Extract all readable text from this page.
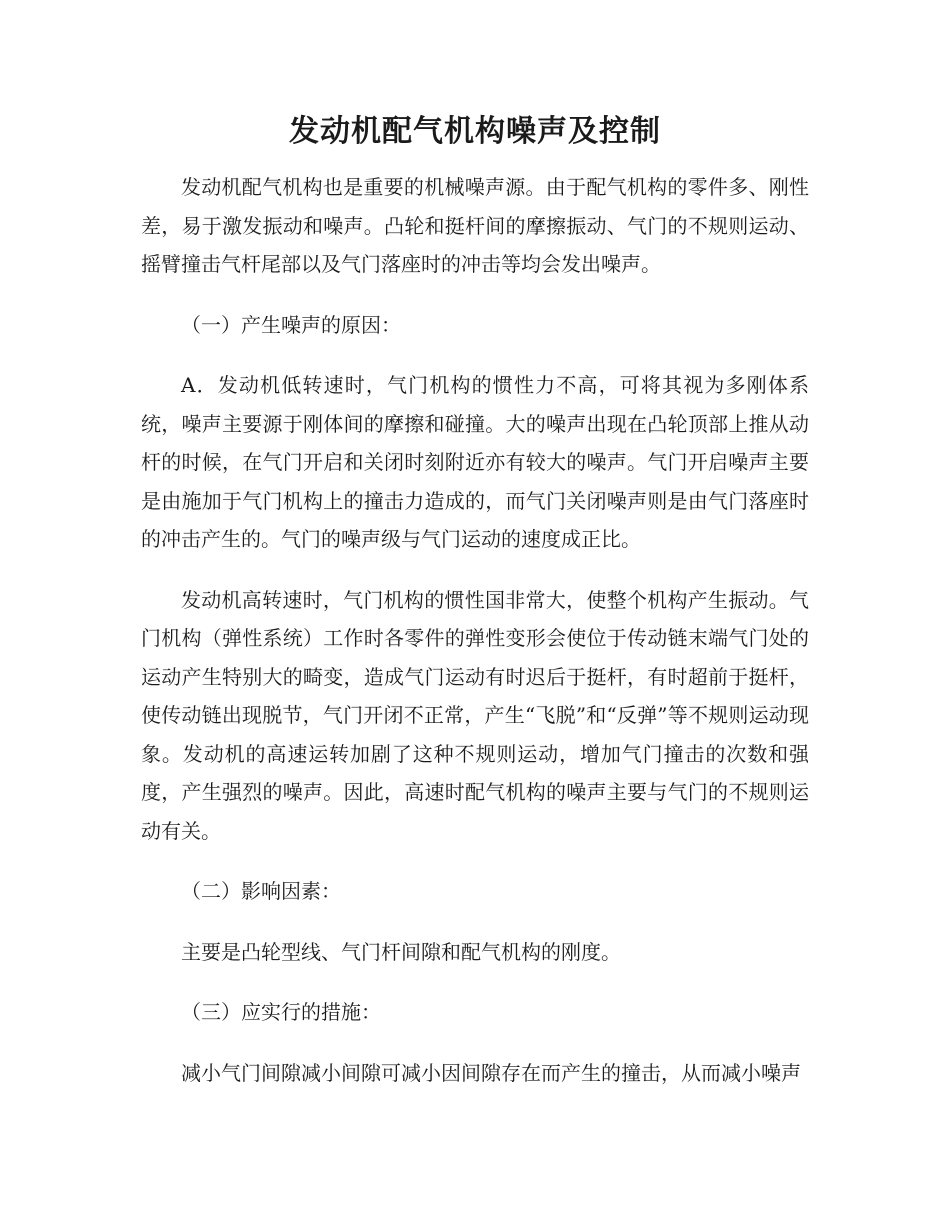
发动机配气机构噪声及控制

发动机配气机构也是重要的机械噪声源。由于配气机构的零件多、刚性差，易于激发振动和噪声。凸轮和挺杆间的摩擦振动、气门的不规则运动、摇臂撞击气杆尾部以及气门落座时的冲击等均会发出噪声。

（一）产生噪声的原因：

A．发动机低转速时，气门机构的惯性力不高，可将其视为多刚体系统，噪声主要源于刚体间的摩擦和碰撞。大的噪声出现在凸轮顶部上推从动杆的时候，在气门开启和关闭时刻附近亦有较大的噪声。气门开启噪声主要是由施加于气门机构上的撞击力造成的，而气门关闭噪声则是由气门落座时的冲击产生的。气门的噪声级与气门运动的速度成正比。

发动机高转速时，气门机构的惯性国非常大，使整个机构产生振动。气门机构（弹性系统）工作时各零件的弹性变形会使位于传动链末端气门处的运动产生特别大的畸变，造成气门运动有时迟后于挺杆，有时超前于挺杆，使传动链出现脱节，气门开闭不正常，产生“飞脱”和“反弹”等不规则运动现象。发动机的高速运转加剧了这种不规则运动，增加气门撞击的次数和强度，产生强烈的噪声。因此，高速时配气机构的噪声主要与气门的不规则运动有关。

（二）影响因素：

主要是凸轮型线、气门杆间隙和配气机构的刚度。

（三）应实行的措施：

减小气门间隙减小间隙可减小因间隙存在而产生的撞击，从而减小噪声
